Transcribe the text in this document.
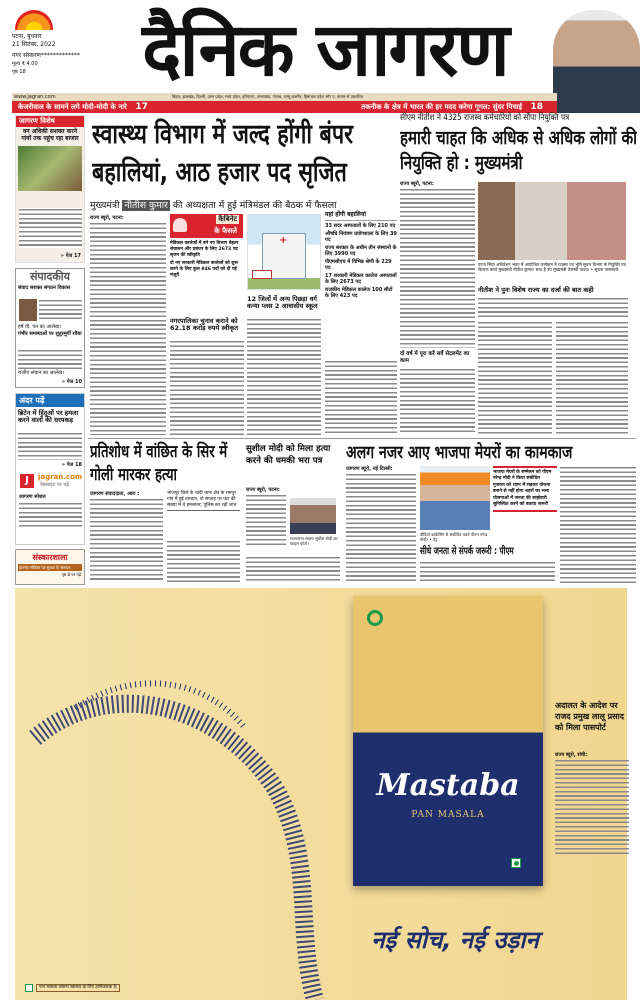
पटना, बुधवार
21 सितंबर, 2022
नगर संस्करण*************
मूल्य ₹ 4.00
पृष्ठ 18	दैनिक जागरण
www.jagran.com	बिहार, झारखंड, दिल्ली, उत्तर प्रदेश, मध्य प्रदेश, हरियाणा, उत्तराखंड, पंजाब, जम्मू कश्मीर, हिमाचल प्रदेश और प. बंगाल से प्रकाशित
केजरीवाल के सामने लगे मोदी-मोदी के नारे 17	तकनीक के क्षेत्र में भारत की हर मदद करेगा गूगल: सुंदर पिचाई 18
जागरण विशेष
वन अधिकी सशक्त करने गांवों तक पहुंच रहा बाजार
» पेज 17
संपादकीय
संवाद सशक्त संगठन विकास
हर्ष वी. पंत का आलेख।
गंभीर समस्याओं पर शुतुरमुर्गी रवैया
राजीव सचान का आलेख।
» पेज 10
अंदर पढ़ें
ब्रिटेन में हिंदुओं पर हमला करने वालों की धरपकड़
» पेज 18
J	jagran.com
वेबसाइट पर पढ़ें
जागरण स्पेशल
संस्कारशाला
इंटरनेट मीडिया पर सुरक्षा के संस्कार
पृष्ठ 8 पर पढ़ें
स्वास्थ्य विभाग में जल्द होंगी बंपर बहालियां, आठ हजार पद सृजित
मुख्यमंत्री नीतीश कुमार की अध्यक्षता में हुई मंत्रिमंडल की बैठक में फैसला
राज्य ब्यूरो, पटना:	कैबिनेट
के फैसले
मेडिकल कालेजों में बने नए विभाग बेहतर संचालन और प्रबंधन के लिए 2673 पद सृजन की स्वीकृति
दो नए सरकारी मेडिकल कालेजों को शुरू करने के लिए कुल 846 पदों को दी गई मंजूरी
+
यहां होंगी बहालियां
33 सदर अस्पतालों के लिए 210 पद
औषधि नियंत्रण प्रयोगशाला के लिए 39 पद
राज्य सरकार के अधीन तीन संस्थानों के लिए 3990 पद
पीएमसीएच में विभिन्न श्रेणी के 229 पद
17 सरकारी मेडिकल कालेज अस्पतालों के लिए 2673 पद
राजकीय मेडिकल कालेज 100 सीटों के लिए 423 पद
नगरपालिका चुनाव कराने को 62.18 करोड़ रुपये स्वीकृत
12 जिलों में अन्य पिछड़ा वर्ग कन्या प्लस 2 आवासीय स्कूल
सीएम नीतीश ने 4325 राजस्व कर्मचारियों को सौंपा नियुक्ति पत्र
हमारी चाहत कि अधिक से अधिक लोगों की नियुक्ति हो : मुख्यमंत्री
राज्य ब्यूरो, पटना:
पटना स्थित अधिवेशन भवन में आयोजित कार्यक्रम में राजस्व एवं भूमि सुधार विभाग के नियुक्ति पत्र वितरण करते मुख्यमंत्री नीतीश कुमार। साथ हैं उप मुख्यमंत्री तेजस्वी यादव। • सूचना जनसंपर्क
नीतीश ने पुनः विशेष राज्य का दर्जा की बात कही
दो वर्ष में पूरा करें सर्वे सेटलमेंट का काम
प्रतिशोध में वांछित के सिर में गोली मारकर हत्या
जागरण संवाददाता, आरा :	भोजपुर जिले के चांदी थाना क्षेत्र के रामपुर गांव में हुई वारदात, दो सप्ताह पर घंटा की संख्या में थे हमलावर, पुलिस कर रही जांच
सुशील मोदी को मिला हत्या करने की धमकी भरा पत्र
राज्य ब्यूरो, पटना:
राज्यसभा सदस्य सुशील मोदी का फाइल फोटो।
अलग नजर आए भाजपा मेयरों का कामकाज
जागरण ब्यूरो, नई दिल्ली:
भाजपा मेयरों के सम्मेलन को पीएम नरेन्द्र मोदी ने किया संबोधित
गुजरात को ध्यान में रखकर योजना बनाने से नहीं होगा शहरों का भला
योजनाओं में जनता की साझेदारी सुनिश्चित करने को बताया जरूरी
वीडियो कांफ्रेंसिंग से संबोधित करते पीएम नरेन्द्र मोदी। • प्रेट्र
सीधे जनता से संपर्क जरूरी : पीएम
Mastaba
PAN MASALA
नई सोच, नई उड़ान
पान मसाला चबाना स्वास्थ्य के लिए हानिकारक है।
अदालत के आदेश पर राजद प्रमुख लालू प्रसाद को मिला पासपोर्ट
राज्य ब्यूरो, रांची:
